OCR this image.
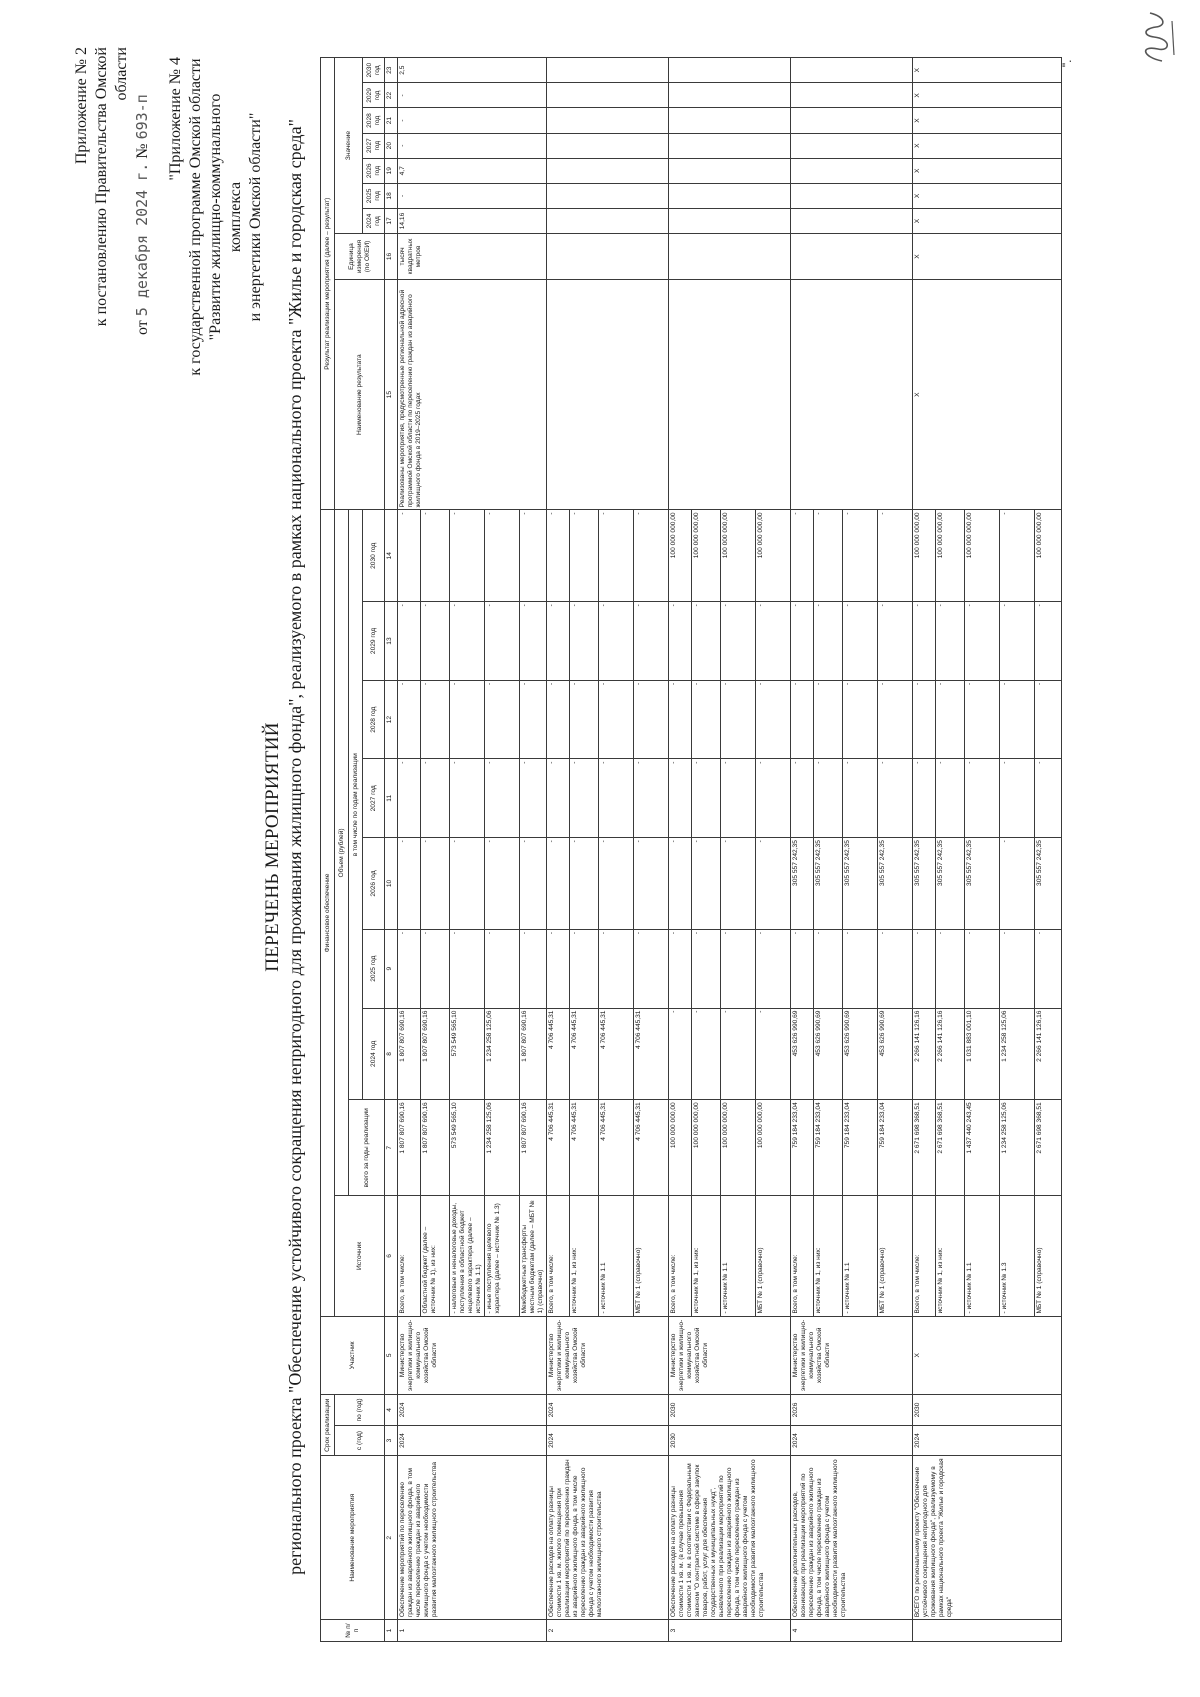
Приложение № 2 к постановлению Правительства Омской области
от 5 декабря 2024 г. № 693-п "Приложение № 4 к государственной программе Омской области "Развитие жилищно-коммунального комплекса и энергетики Омской области"
ПЕРЕЧЕНЬ МЕРОПРИЯТИЙ регионального проекта "Обеспечение устойчивого сокращения непригодного для проживания жилищного фонда", реализуемого в рамках национального проекта "Жилье и городская среда"
№ п/п	Наименование мероприятия	Срок реализации		Участник	Финансовое обеспечение									Результат реализации мероприятия (далее – результат)								
		с (год)	по (год)		Источник	Объем (рублей)								Наименование результата	Единица измерения (по ОКЕИ)	Значение						
						всего за годы реализации	в том числе по годам реализации															
							2024 год	2025 год	2026 год	2027 год	2028 год	2029 год	2030 год			2024 год	2025 год	2026 год	2027 год	2028 год	2029 год	2030 год
1	2	3	4	5	6	7	8	9	10	11	12	13	14	15	16	17	18	19	20	21	22	23
1	Обеспечение мероприятий по переселению граждан из аварийного жилищного фонда, в том числе переселению граждан из аварийного жилищного фонда с учетом необходимости развития малоэтажного жилищного строительства	2024	2024	Министерство энергетики и жилищно-коммунального хозяйства Омской области	Всего, в том числе:	1 807 807 690,16	1 807 807 690,16	-	-	-	-	-	-	Реализованы мероприятия, предусмотренные региональной адресной программой Омской области по переселению граждан из аварийного жилищного фонда в 2019–2025 годах	тысяч квадратных метров	14,16	-	4,7	-	-	-	2,5
					Областной бюджет (далее – источник № 1), из них:	1 807 807 690,16	1 807 807 690,16	-	-	-	-	-	-									
					- налоговые и неналоговые доходы, поступления в областной бюджет нецелевого характера (далее – источник № 1.1)	573 549 565,10	573 549 565,10	-	-	-	-	-	-									
					- иные поступления целевого характера (далее – источник № 1.3)	1 234 258 125,06	1 234 258 125,06	-	-	-	-	-	-									
					Межбюджетные трансферты местным бюджетам (далее – МБТ № 1) (справочно)	1 807 807 690,16	1 807 807 690,16	-	-	-	-	-	-									
2	Обеспечение расходов на оплату разницы стоимости 1 кв. м. жилого помещения при реализации мероприятий по переселению граждан из аварийного жилищного фонда, в том числе переселению граждан из аварийного жилищного фонда с учетом необходимости развития малоэтажного жилищного строительства	2024	2024	Министерство энергетики и жилищно-коммунального хозяйства Омской области	Всего, в том числе:	4 706 445,31	4 706 445,31	-	-	-	-	-	-									
					источник № 1, из них:	4 706 445,31	4 706 445,31	-	-	-	-	-	-									
					- источник № 1.1	4 706 445,31	4 706 445,31	-	-	-	-	-	-									
					МБТ № 1 (справочно)	4 706 445,31	4 706 445,31	-	-	-	-	-	-									
3	Обеспечение расходов на оплату разницы стоимости 1 кв. м. (в случае превышения стоимости 1 кв. м. в соответствии с Федеральным законом "О контрактной системе в сфере закупок товаров, работ, услуг для обеспечения государственных и муниципальных нужд", выявленного при реализации мероприятий по переселению граждан из аварийного жилищного фонда, в том числе переселению граждан из аварийного жилищного фонда с учетом необходимости развития малоэтажного жилищного строительства	2030	2030	Министерство энергетики и жилищно-коммунального хозяйства Омской области	Всего, в том числе:	100 000 000,00	-	-	-	-	-	-	100 000 000,00									
					источник № 1, из них:	100 000 000,00	-	-	-	-	-	-	100 000 000,00									
					- источник № 1.1	100 000 000,00	-	-	-	-	-	-	100 000 000,00									
					МБТ № 1 (справочно)	100 000 000,00	-	-	-	-	-	-	100 000 000,00									
4	Обеспечение дополнительных расходов, возникающих при реализации мероприятий по переселению граждан из аварийного жилищного фонда, в том числе переселению граждан из аварийного жилищного фонда с учетом необходимости развития малоэтажного жилищного строительства	2024	2026	Министерство энергетики и жилищно-коммунального хозяйства Омской области	Всего, в том числе:	759 184 233,04	453 626 990,69	-	305 557 242,35	-	-	-	-									
					источник № 1, из них:	759 184 233,04	453 626 990,69	-	305 557 242,35	-	-	-	-									
					- источник № 1.1	759 184 233,04	453 626 990,69	-	305 557 242,35	-	-	-	-									
					МБТ № 1 (справочно)	759 184 233,04	453 626 990,69	-	305 557 242,35	-	-	-	-									
	ВСЕГО по региональному проекту "Обеспечение устойчивого сокращения непригодного для проживания жилищного фонда", реализуемому в рамках национального проекта "Жилье и городская среда"	2024	2030	X	Всего, в том числе:	2 671 698 368,51	2 266 141 126,16	-	305 557 242,35	-	-	-	100 000 000,00	X	X	X	X	X	X	X	X	X
					источник № 1, из них:	2 671 698 368,51	2 266 141 126,16	-	305 557 242,35	-	-	-	100 000 000,00									
					- источник № 1.1	1 437 440 243,45	1 031 883 001,10	-	305 557 242,35	-	-	-	100 000 000,00									
					- источник № 1.3	1 234 258 125,06	1 234 258 125,06	-	-	-	-	-	-									
					МБТ № 1 (справочно)	2 671 698 368,51	2 266 141 126,16	-	305 557 242,35	-	-	-	100 000 000,00									
".																						
